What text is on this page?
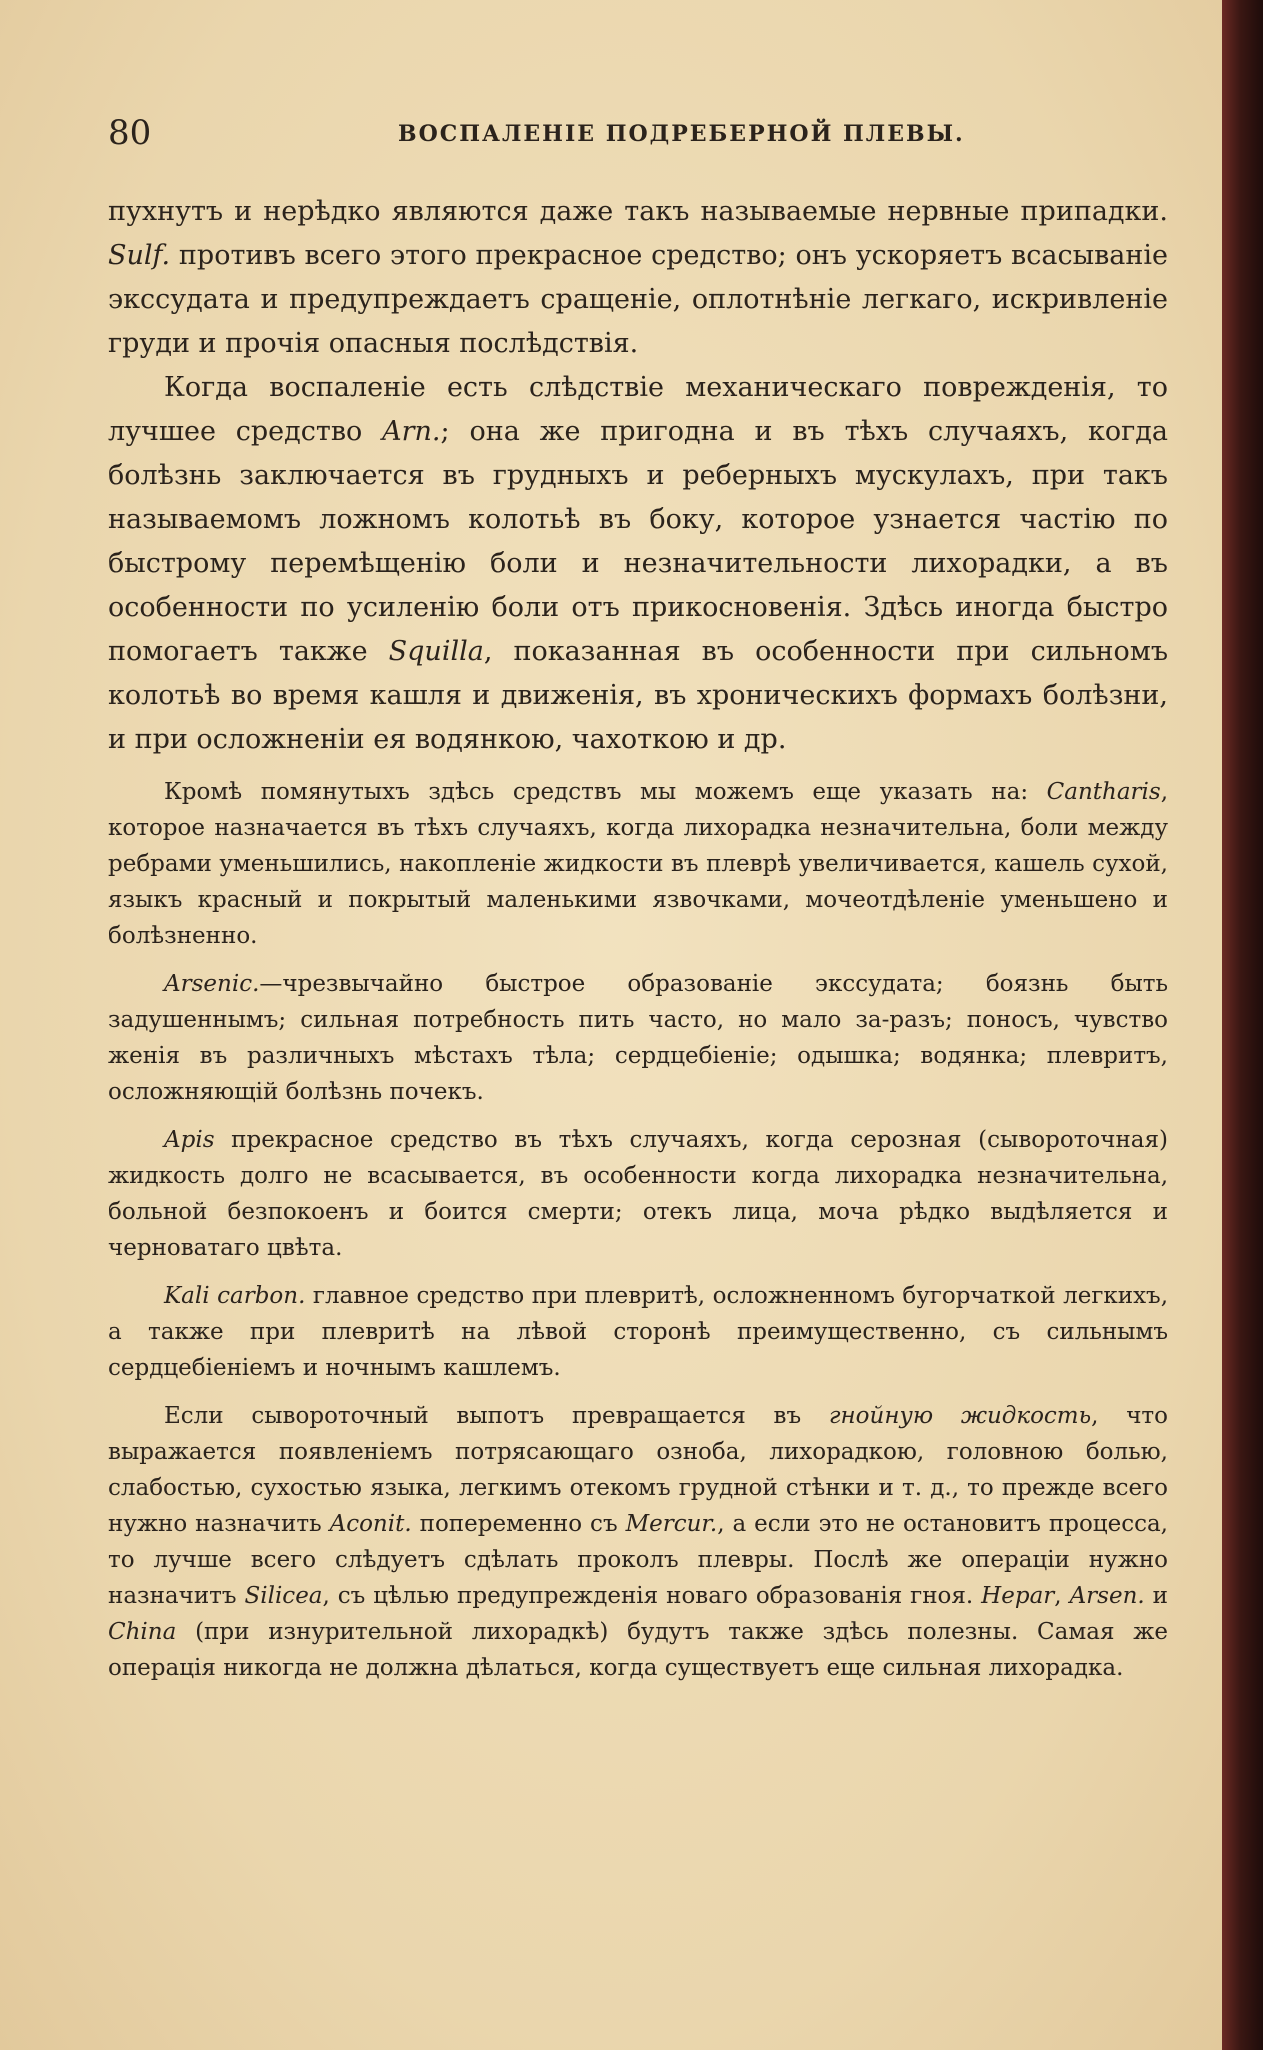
80	ВОСПАЛЕНІЕ ПОДРЕБЕРНОЙ ПЛЕВЫ.

пухнутъ и нерѣдко являются даже такъ называемые нервные припадки. Sulf. противъ всего этого прекрасное средство; онъ ускоряетъ всасываніе экссудата и предупреждаетъ сращеніе, оплотнѣніе легкаго, искривленіе груди и прочія опасныя послѣдствія.

Когда воспаленіе есть слѣдствіе механическаго поврежденія, то лучшее средство Arn.; она же пригодна и въ тѣхъ случаяхъ, когда болѣзнь заключается въ грудныхъ и реберныхъ мускулахъ, при такъ называемомъ ложномъ колотьѣ въ боку, которое узнается частію по быстрому перемѣщенію боли и незначительности лихорадки, а въ особенности по усиленію боли отъ прикосновенія. Здѣсь иногда быстро помогаетъ также Squilla, показанная въ особенности при сильномъ колотьѣ во время кашля и движенія, въ хроническихъ формахъ болѣзни, и при осложненіи ея водянкою, чахоткою и др.

Кромѣ помянутыхъ здѣсь средствъ мы можемъ еще указать на: Cantharis, которое назначается въ тѣхъ случаяхъ, когда лихорадка незначительна, боли между ребрами уменьшились, накопленіе жидкости въ плеврѣ увеличивается, кашель сухой, языкъ красный и покрытый маленькими язвочками, мочеотдѣленіе уменьшено и болѣзненно.

Arsenic.—чрезвычайно быстрое образованіе экссудата; боязнь быть задушеннымъ; сильная потребность пить часто, но мало за-разъ; поносъ, чувство женія въ различныхъ мѣстахъ тѣла; сердцебіеніе; одышка; водянка; плевритъ, осложняющій болѣзнь почекъ.

Apis прекрасное средство въ тѣхъ случаяхъ, когда серозная (сывороточная) жидкость долго не всасывается, въ особенности когда лихорадка незначительна, больной безпокоенъ и боится смерти; отекъ лица, моча рѣдко выдѣляется и черноватаго цвѣта.

Kali carbon. главное средство при плевритѣ, осложненномъ бугорчаткой легкихъ, а также при плевритѣ на лѣвой сторонѣ преимущественно, съ сильнымъ сердцебіеніемъ и ночнымъ кашлемъ.

Если сывороточный выпотъ превращается въ гнойную жидкость, что выражается появленіемъ потрясающаго озноба, лихорадкою, головною болью, слабостью, сухостью языка, легкимъ отекомъ грудной стѣнки и т. д., то прежде всего нужно назначить Aconit. попеременно съ Mercur., а если это не остановитъ процесса, то лучше всего слѣдуетъ сдѣлать проколъ плевры. Послѣ же операціи нужно назначитъ Silicea, съ цѣлью предупрежденія новаго образованія гноя. Hepar, Arsen. и China (при изнурительной лихорадкѣ) будутъ также здѣсь полезны. Самая же операція никогда не должна дѣлаться, когда существуетъ еще сильная лихорадка.
